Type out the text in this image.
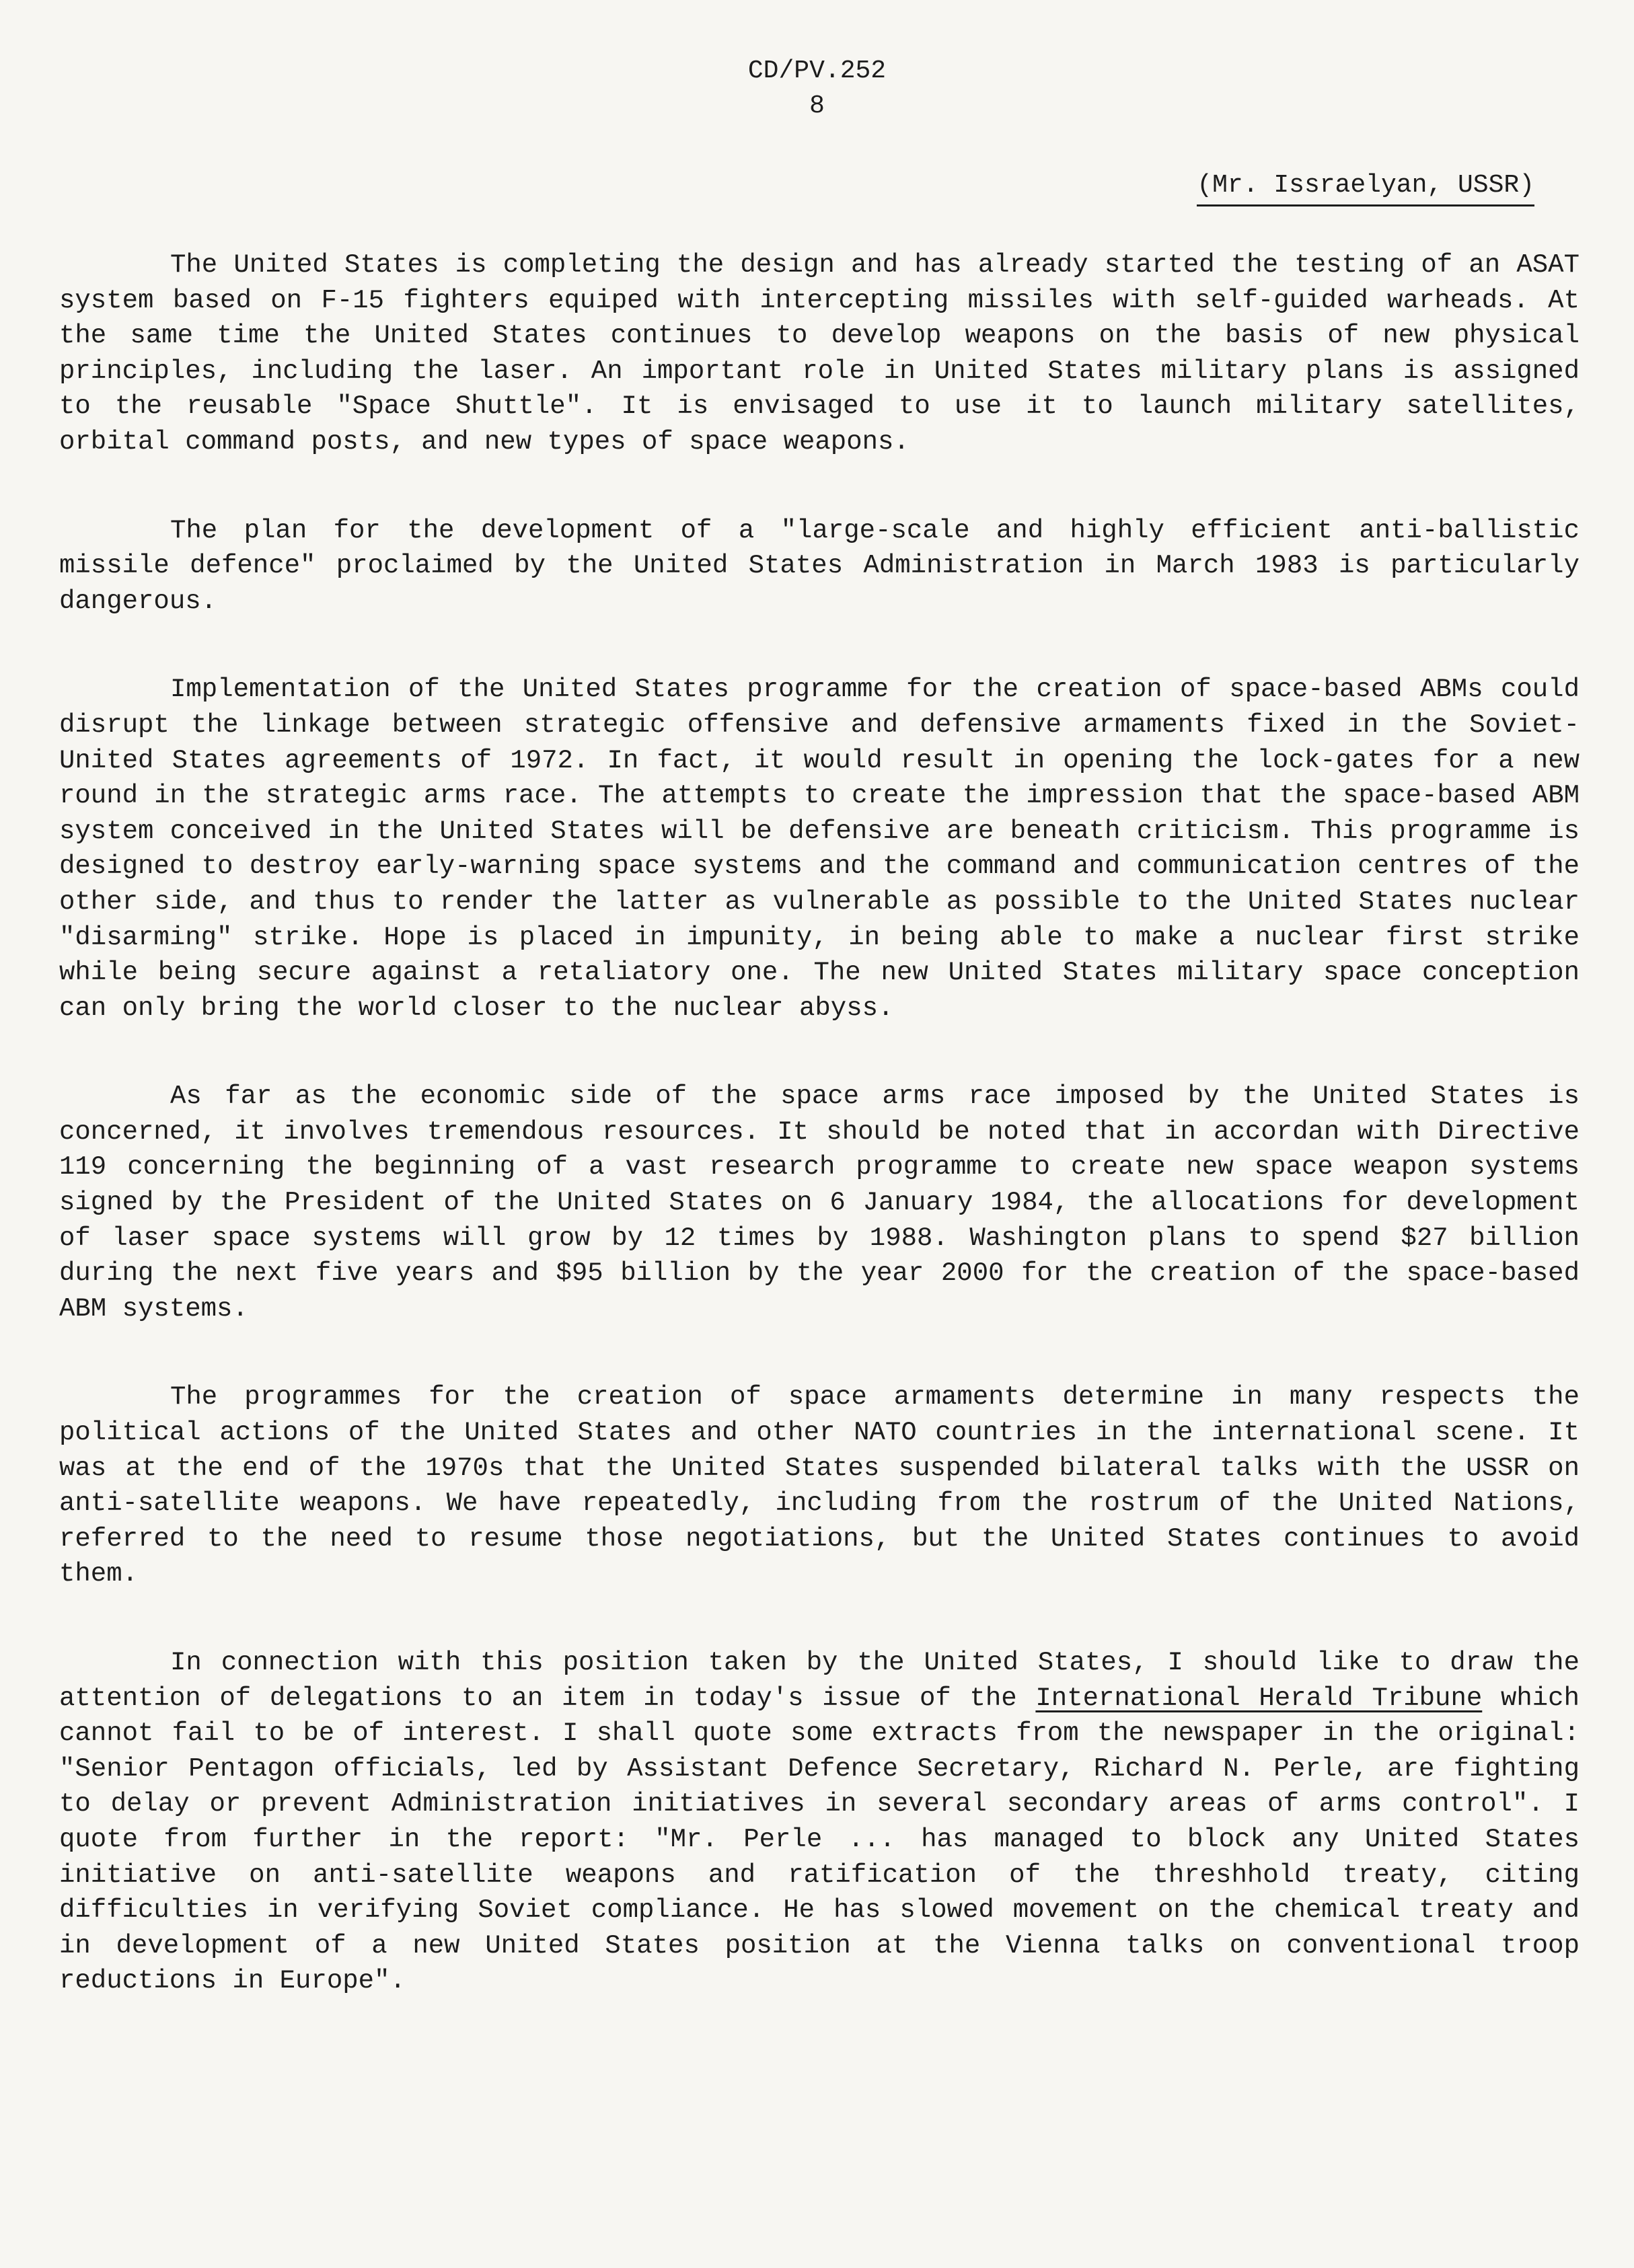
CD/PV.252
8
(Mr. Issraelyan, USSR)

The United States is completing the design and has already started the testing of an ASAT system based on F-15 fighters equiped with intercepting missiles with self-guided warheads. At the same time the United States continues to develop weapons on the basis of new physical principles, including the laser. An important role in United States military plans is assigned to the reusable "Space Shuttle". It is envisaged to use it to launch military satellites, orbital command posts, and new types of space weapons.

The plan for the development of a "large-scale and highly efficient anti-ballistic missile defence" proclaimed by the United States Administration in March 1983 is particularly dangerous.

Implementation of the United States programme for the creation of space-based ABMs could disrupt the linkage between strategic offensive and defensive armaments fixed in the Soviet-United States agreements of 1972. In fact, it would result in opening the lock-gates for a new round in the strategic arms race. The attempts to create the impression that the space-based ABM system conceived in the United States will be defensive are beneath criticism. This programme is designed to destroy early-warning space systems and the command and communication centres of the other side, and thus to render the latter as vulnerable as possible to the United States nuclear "disarming" strike. Hope is placed in impunity, in being able to make a nuclear first strike while being secure against a retaliatory one. The new United States military space conception can only bring the world closer to the nuclear abyss.

As far as the economic side of the space arms race imposed by the United States is concerned, it involves tremendous resources. It should be noted that in accordan with Directive 119 concerning the beginning of a vast research programme to create new space weapon systems signed by the President of the United States on 6 January 1984, the allocations for development of laser space systems will grow by 12 times by 1988. Washington plans to spend $27 billion during the next five years and $95 billion by the year 2000 for the creation of the space-based ABM systems.

The programmes for the creation of space armaments determine in many respects the political actions of the United States and other NATO countries in the international scene. It was at the end of the 1970s that the United States suspended bilateral talks with the USSR on anti-satellite weapons. We have repeatedly, including from the rostrum of the United Nations, referred to the need to resume those negotiations, but the United States continues to avoid them.

In connection with this position taken by the United States, I should like to draw the attention of delegations to an item in today's issue of the International Herald Tribune which cannot fail to be of interest. I shall quote some extracts from the newspaper in the original: "Senior Pentagon officials, led by Assistant Defence Secretary, Richard N. Perle, are fighting to delay or prevent Administration initiatives in several secondary areas of arms control". I quote from further in the report: "Mr. Perle ... has managed to block any United States initiative on anti-satellite weapons and ratification of the threshhold treaty, citing difficulties in verifying Soviet compliance. He has slowed movement on the chemical treaty and in development of a new United States position at the Vienna talks on conventional troop reductions in Europe".
